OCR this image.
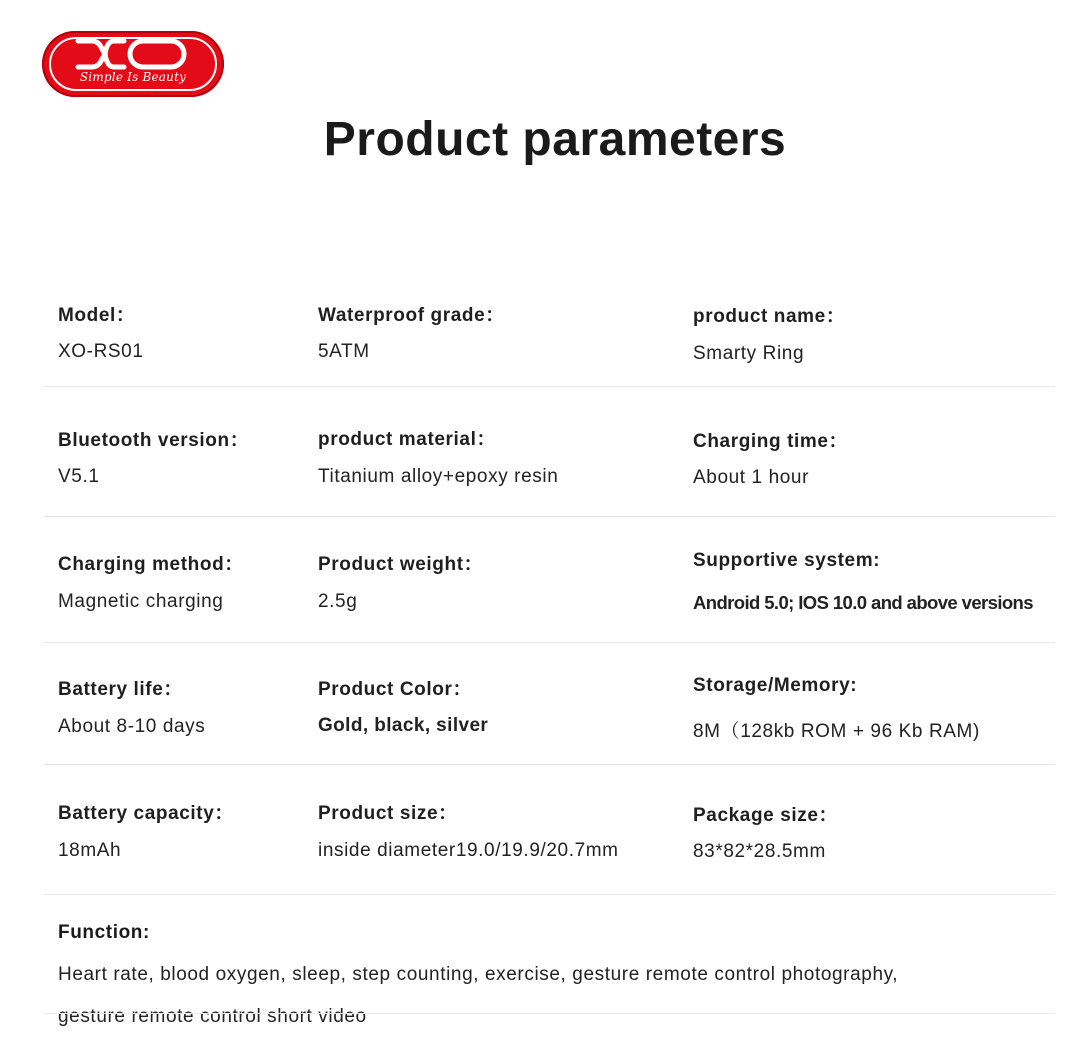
Simple Is Beauty
Product parameters
Model：
XO-RS01
Waterproof grade：
5ATM
product name：
Smarty Ring
Bluetooth version：
V5.1
product material：
Titanium alloy+epoxy resin
Charging time：
About 1 hour
Charging method：
Magnetic charging
Product weight：
2.5g
Supportive system:
Android 5.0; IOS 10.0 and above versions
Battery life：
About 8-10 days
Product Color：
Gold, black, silver
Storage/Memory:
8M（128kb ROM + 96 Kb RAM)
Battery capacity：
18mAh
Product size：
inside diameter19.0/19.9/20.7mm
Package size：
83*82*28.5mm
Function:
Heart rate, blood oxygen, sleep, step counting, exercise, gesture remote control photography,
gesture remote control short video
